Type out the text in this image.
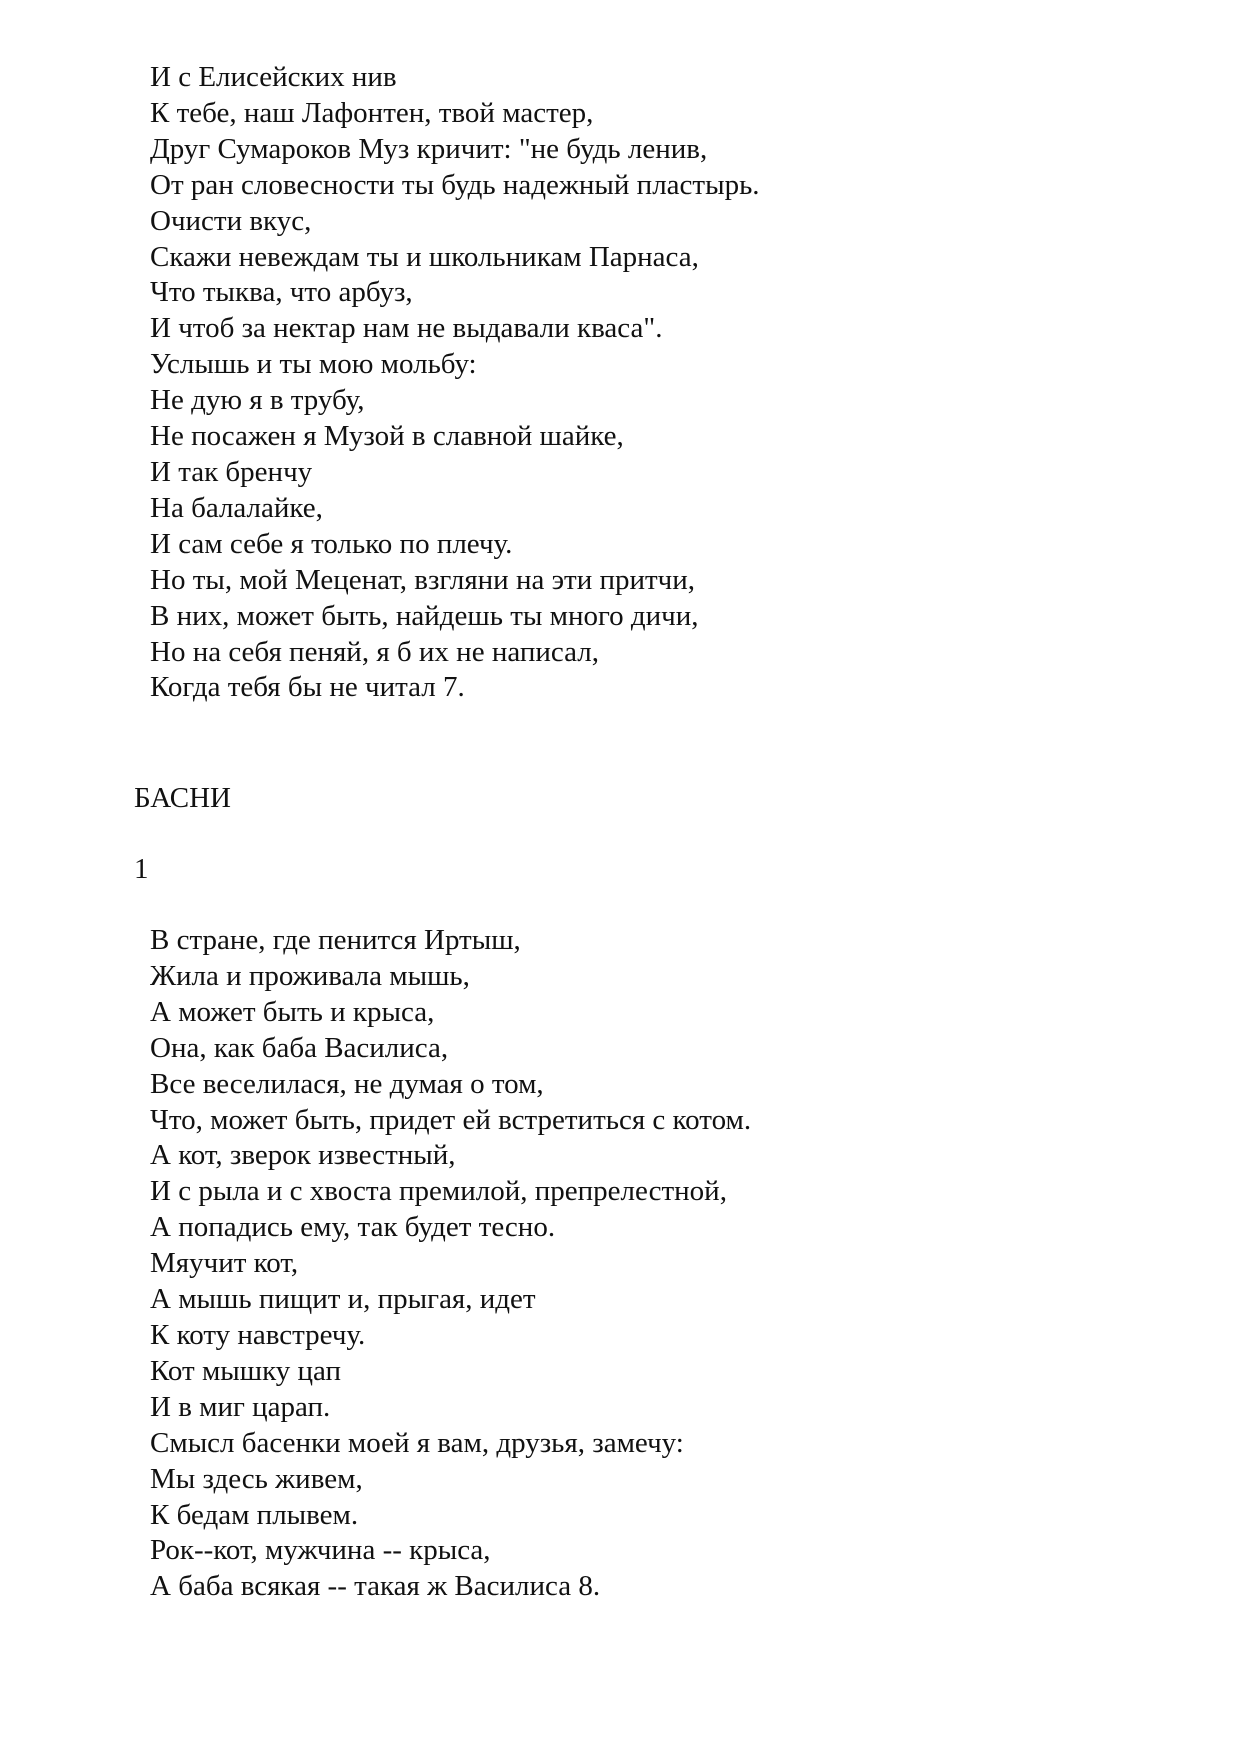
И с Елисейских нив
К тебе, наш Лафонтен, твой мастер,
Друг Сумароков Муз кричит: "не будь ленив,
От ран словесности ты будь надежный пластырь.
Очисти вкус,
Скажи невеждам ты и школьникам Парнаса,
Что тыква, что арбуз,
И чтоб за нектар нам не выдавали кваса".
Услышь и ты мою мольбу:
Не дую я в трубу,
Не посажен я Музой в славной шайке,
И так бренчу
На балалайке,
И сам себе я только по плечу.
Но ты, мой Меценат, взгляни на эти притчи,
В них, может быть, найдешь ты много дичи,
Но на себя пеняй, я б их не написал,
Когда тебя бы не читал 7.
БАСНИ
1
В стране, где пенится Иртыш,
Жила и проживала мышь,
А может быть и крыса,
Она, как баба Василиса,
Все веселилася, не думая о том,
Что, может быть, придет ей встретиться с котом.
А кот, зверок известный,
И с рыла и с хвоста премилой, препрелестной,
А попадись ему, так будет тесно.
Мяучит кот,
А мышь пищит и, прыгая, идет
К коту навстречу.
Кот мышку цап
И в миг царап.
Смысл басенки моей я вам, друзья, замечу:
Мы здесь живем,
К бедам плывем.
Рок--кот, мужчина -- крыса,
А баба всякая -- такая ж Василиса 8.
